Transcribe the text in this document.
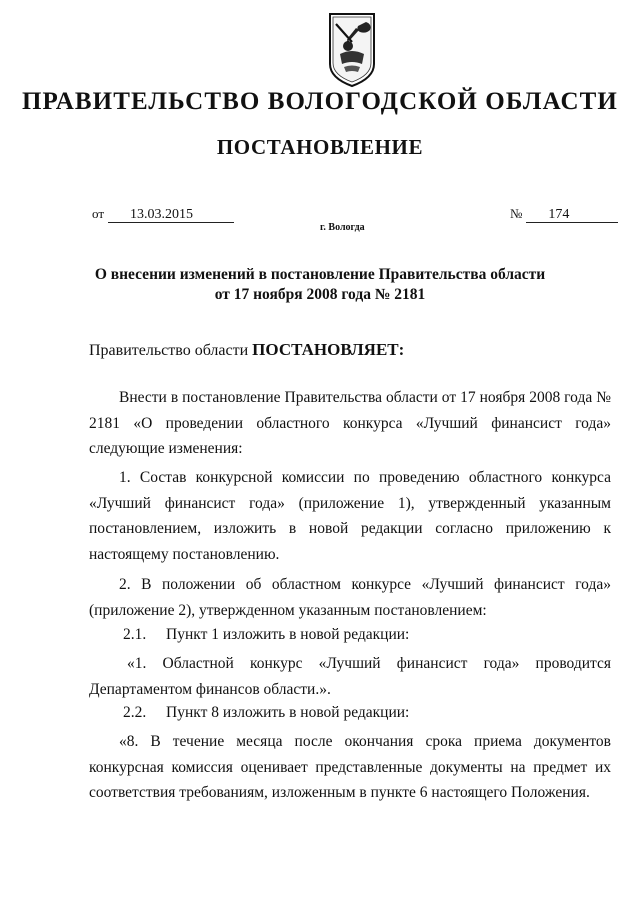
ПРАВИТЕЛЬСТВО ВОЛОГОДСКОЙ ОБЛАСТИ
ПОСТАНОВЛЕНИЕ
от 13.03.2015	№ 174
г. Вологда
О внесении изменений в постановление Правительства области
от 17 ноября 2008 года № 2181
Правительство области ПОСТАНОВЛЯЕТ:

Внести в постановление Правительства области от 17 ноября 2008 года № 2181 «О проведении областного конкурса «Лучший финансист года» следующие изменения:

1. Состав конкурсной комиссии по проведению областного конкурса «Лучший финансист года» (приложение 1), утвержденный указанным постановлением, изложить в новой редакции согласно приложению к настоящему постановлению.

2. В положении об областном конкурсе «Лучший финансист года» (приложение 2), утвержденном указанным постановлением:

2.1. Пункт 1 изложить в новой редакции:

«1. Областной конкурс «Лучший финансист года» проводится Департаментом финансов области.».

2.2. Пункт 8 изложить в новой редакции:

«8. В течение месяца после окончания срока приема документов конкурсная комиссия оценивает представленные документы на предмет их соответствия требованиям, изложенным в пункте 6 настоящего Положения.
